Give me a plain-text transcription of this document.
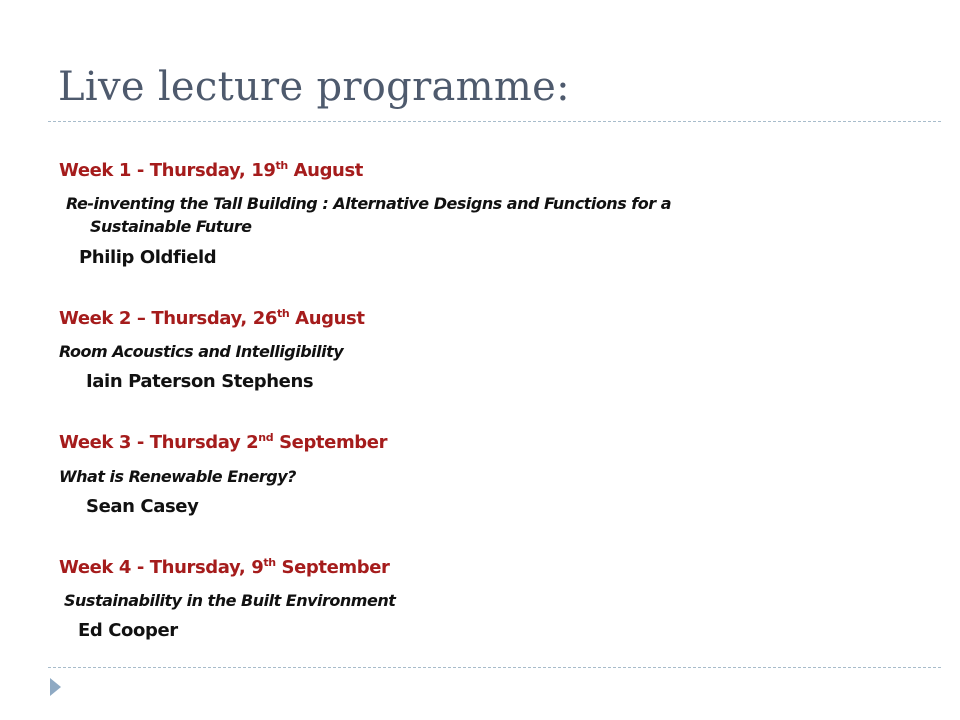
Live lecture programme:
Week 1 - Thursday, 19th August
Re-inventing the Tall Building : Alternative Designs and Functions for a
Sustainable Future
Philip Oldfield
Week 2 – Thursday, 26th August
Room Acoustics and Intelligibility
Iain Paterson Stephens
Week 3 - Thursday 2nd September
What is Renewable Energy?
Sean Casey
Week 4 - Thursday, 9th September
Sustainability in the Built Environment
Ed Cooper
